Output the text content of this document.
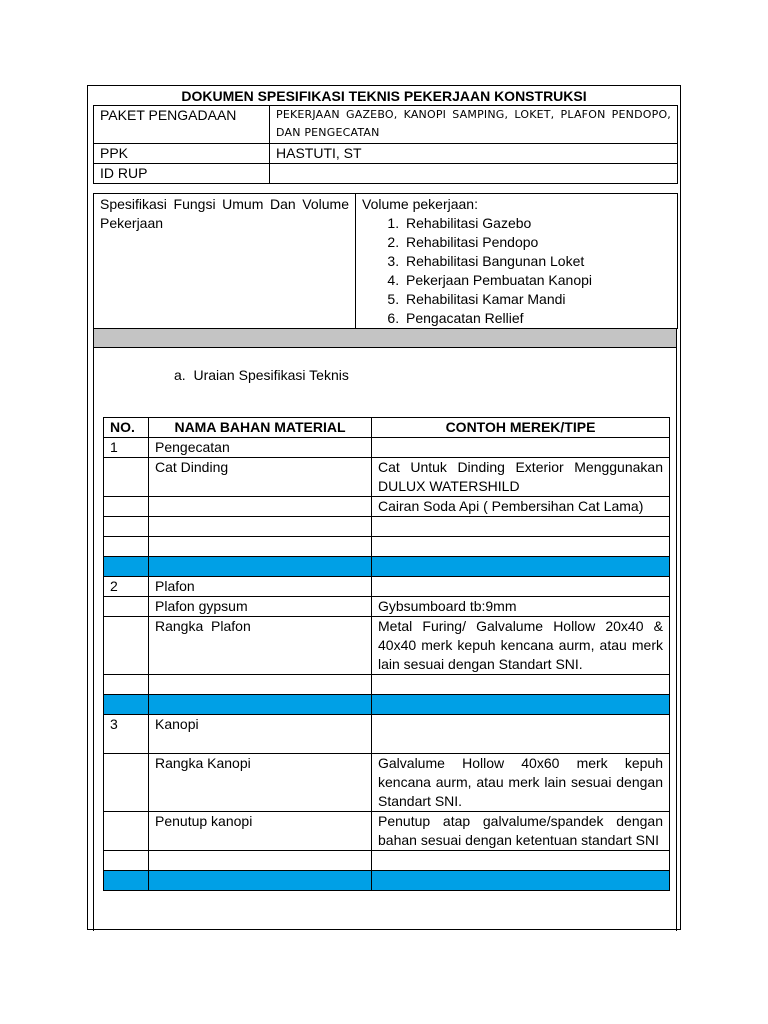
DOKUMEN SPESIFIKASI TEKNIS PEKERJAAN KONSTRUKSI
PAKET PENGADAAN	PEKERJAAN GAZEBO, KANOPI SAMPING, LOKET, PLAFON PENDOPO, DAN PENGECATAN
PPK	HASTUTI, ST
ID RUP	
Spesifikasi Fungsi Umum Dan Volume Pekerjaan	
Volume pekerjaan:
1. Rehabilitasi Gazebo
2. Rehabilitasi Pendopo
3. Rehabilitasi Bangunan Loket
4. Pekerjaan Pembuatan Kanopi
5. Rehabilitasi Kamar Mandi
6. Pengacatan Rellief
a. Uraian Spesifikasi Teknis
NO.	NAMA BAHAN MATERIAL	CONTOH MEREK/TIPE
1	Pengecatan	
	Cat Dinding	Cat Untuk Dinding Exterior Menggunakan DULUX WATERSHILD
		Cairan Soda Api ( Pembersihan Cat Lama)

2	Plafon	
	Plafon gypsum	Gybsumboard tb:9mm
	Rangka  Plafon	Metal Furing/ Galvalume Hollow 20x40 & 40x40 merk kepuh kencana aurm, atau merk lain sesuai dengan Standart SNI.

3	Kanopi	
	Rangka Kanopi	Galvalume Hollow 40x60 merk kepuh kencana aurm, atau merk lain sesuai dengan Standart SNI.
	Penutup kanopi	Penutup atap galvalume/spandek dengan bahan sesuai dengan ketentuan standart SNI
